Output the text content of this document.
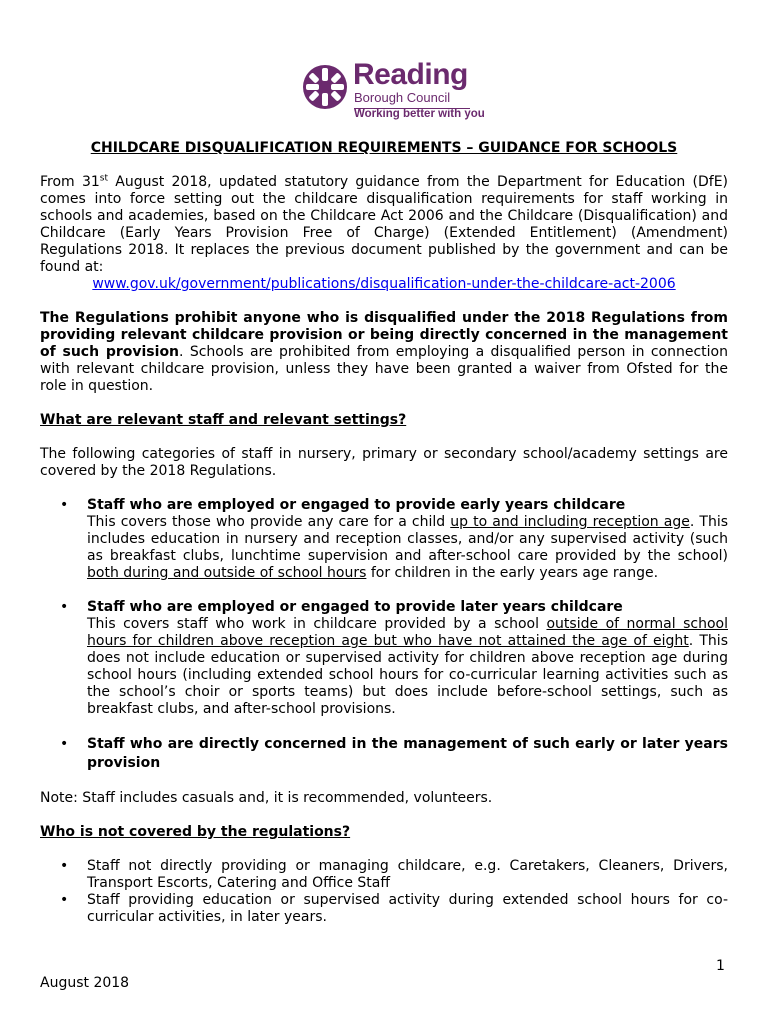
Reading
Borough Council
Working better with you
CHILDCARE DISQUALIFICATION REQUIREMENTS – GUIDANCE FOR SCHOOLS

From 31st August 2018, updated statutory guidance from the Department for Education (DfE) comes into force setting out the childcare disqualification requirements for staff working in schools and academies, based on the Childcare Act 2006 and the Childcare (Disqualification) and Childcare (Early Years Provision Free of Charge) (Extended Entitlement) (Amendment) Regulations 2018. It replaces the previous document published by the government and can be found at:
www.gov.uk/government/publications/disqualification-under-the-childcare-act-2006

The Regulations prohibit anyone who is disqualified under the 2018 Regulations from providing relevant childcare provision or being directly concerned in the management of such provision. Schools are prohibited from employing a disqualified person in connection with relevant childcare provision, unless they have been granted a waiver from Ofsted for the role in question.

What are relevant staff and relevant settings?

The following categories of staff in nursery, primary or secondary school/academy settings are covered by the 2018 Regulations.

• Staff who are employed or engaged to provide early years childcare
This covers those who provide any care for a child up to and including reception age. This includes education in nursery and reception classes, and/or any supervised activity (such as breakfast clubs, lunchtime supervision and after-school care provided by the school) both during and outside of school hours for children in the early years age range.
• Staff who are employed or engaged to provide later years childcare
This covers staff who work in childcare provided by a school outside of normal school hours for children above reception age but who have not attained the age of eight. This does not include education or supervised activity for children above reception age during school hours (including extended school hours for co-curricular learning activities such as the school’s choir or sports teams) but does include before-school settings, such as breakfast clubs, and after-school provisions.
• Staff who are directly concerned in the management of such early or later years provision

Note: Staff includes casuals and, it is recommended, volunteers.

Who is not covered by the regulations?
• Staff not directly providing or managing childcare, e.g. Caretakers, Cleaners, Drivers, Transport Escorts, Catering and Office Staff
• Staff providing education or supervised activity during extended school hours for co-curricular activities, in later years.
1
August 2018
